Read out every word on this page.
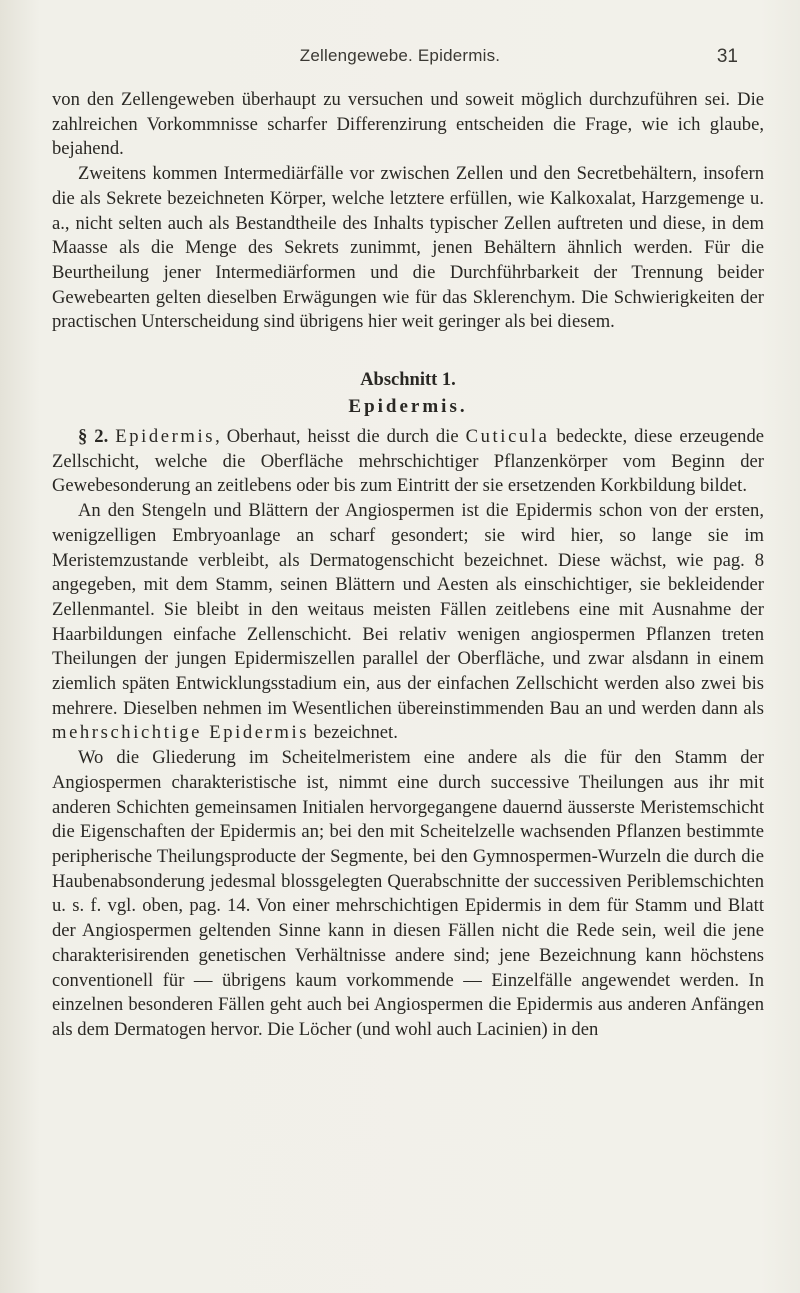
Zellengewebe. Epidermis.	31

von den Zellengeweben überhaupt zu versuchen und soweit möglich durchzuführen sei. Die zahlreichen Vorkommnisse scharfer Differenzirung entscheiden die Frage, wie ich glaube, bejahend.

Zweitens kommen Intermediärfälle vor zwischen Zellen und den Secretbehältern, insofern die als Sekrete bezeichneten Körper, welche letztere erfüllen, wie Kalkoxalat, Harzgemenge u. a., nicht selten auch als Bestandtheile des Inhalts typischer Zellen auftreten und diese, in dem Maasse als die Menge des Sekrets zunimmt, jenen Behältern ähnlich werden. Für die Beurtheilung jener Intermediärformen und die Durchführbarkeit der Trennung beider Gewebearten gelten dieselben Erwägungen wie für das Sklerenchym. Die Schwierigkeiten der practischen Unterscheidung sind übrigens hier weit geringer als bei diesem.

Abschnitt 1.
Epidermis.

§ 2. Epidermis, Oberhaut, heisst die durch die Cuticula bedeckte, diese erzeugende Zellschicht, welche die Oberfläche mehrschichtiger Pflanzenkörper vom Beginn der Gewebesonderung an zeitlebens oder bis zum Eintritt der sie ersetzenden Korkbildung bildet.

An den Stengeln und Blättern der Angiospermen ist die Epidermis schon von der ersten, wenigzelligen Embryoanlage an scharf gesondert; sie wird hier, so lange sie im Meristemzustande verbleibt, als Dermatogenschicht bezeichnet. Diese wächst, wie pag. 8 angegeben, mit dem Stamm, seinen Blättern und Aesten als einschichtiger, sie bekleidender Zellenmantel. Sie bleibt in den weitaus meisten Fällen zeitlebens eine mit Ausnahme der Haarbildungen einfache Zellenschicht. Bei relativ wenigen angiospermen Pflanzen treten Theilungen der jungen Epidermiszellen parallel der Oberfläche, und zwar alsdann in einem ziemlich späten Entwicklungsstadium ein, aus der einfachen Zellschicht werden also zwei bis mehrere. Dieselben nehmen im Wesentlichen übereinstimmenden Bau an und werden dann als mehrschichtige Epidermis bezeichnet.

Wo die Gliederung im Scheitelmeristem eine andere als die für den Stamm der Angiospermen charakteristische ist, nimmt eine durch successive Theilungen aus ihr mit anderen Schichten gemeinsamen Initialen hervorgegangene dauernd äusserste Meristemschicht die Eigenschaften der Epidermis an; bei den mit Scheitelzelle wachsenden Pflanzen bestimmte peripherische Theilungsproducte der Segmente, bei den Gymnospermen-Wurzeln die durch die Haubenabsonderung jedesmal blossgelegten Querabschnitte der successiven Periblemschichten u. s. f. vgl. oben, pag. 14. Von einer mehrschichtigen Epidermis in dem für Stamm und Blatt der Angiospermen geltenden Sinne kann in diesen Fällen nicht die Rede sein, weil die jene charakterisirenden genetischen Verhältnisse andere sind; jene Bezeichnung kann höchstens conventionell für — übrigens kaum vorkommende — Einzelfälle angewendet werden. In einzelnen besonderen Fällen geht auch bei Angiospermen die Epidermis aus anderen Anfängen als dem Dermatogen hervor. Die Löcher (und wohl auch Lacinien) in den
